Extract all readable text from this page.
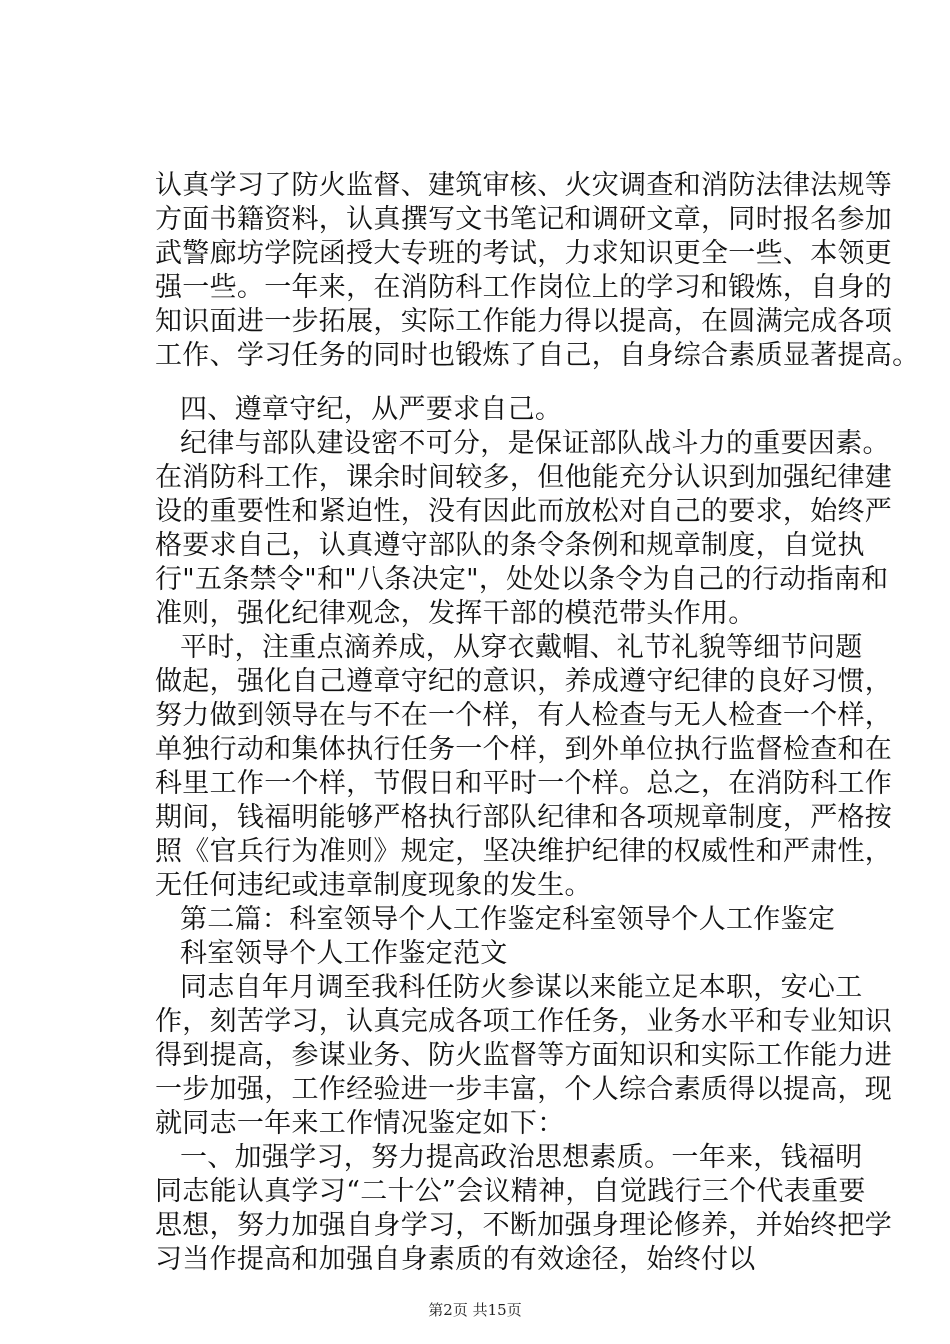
认真学习了防火监督、建筑审核、火灾调查和消防法律法规等
方面书籍资料，认真撰写文书笔记和调研文章，同时报名参加
武警廊坊学院函授大专班的考试，力求知识更全一些、本领更
强一些。一年来，在消防科工作岗位上的学习和锻炼，自身的
知识面进一步拓展，实际工作能力得以提高，在圆满完成各项
工作、学习任务的同时也锻炼了自己，自身综合素质显著提高。
四、遵章守纪，从严要求自己。
纪律与部队建设密不可分，是保证部队战斗力的重要因素。
在消防科工作，课余时间较多，但他能充分认识到加强纪律建
设的重要性和紧迫性，没有因此而放松对自己的要求，始终严
格要求自己，认真遵守部队的条令条例和规章制度，自觉执
行"五条禁令"和"八条决定"，处处以条令为自己的行动指南和
准则，强化纪律观念，发挥干部的模范带头作用。
平时，注重点滴养成，从穿衣戴帽、礼节礼貌等细节问题
做起，强化自己遵章守纪的意识，养成遵守纪律的良好习惯，
努力做到领导在与不在一个样，有人检查与无人检查一个样，
单独行动和集体执行任务一个样，到外单位执行监督检查和在
科里工作一个样，节假日和平时一个样。总之，在消防科工作
期间，钱福明能够严格执行部队纪律和各项规章制度，严格按
照《官兵行为准则》规定，坚决维护纪律的权威性和严肃性，
无任何违纪或违章制度现象的发生。
第二篇：科室领导个人工作鉴定科室领导个人工作鉴定
科室领导个人工作鉴定范文
同志自年月调至我科任防火参谋以来能立足本职，安心工
作，刻苦学习，认真完成各项工作任务，业务水平和专业知识
得到提高，参谋业务、防火监督等方面知识和实际工作能力进
一步加强，工作经验进一步丰富，个人综合素质得以提高，现
就同志一年来工作情况鉴定如下：
一、加强学习，努力提高政治思想素质。一年来，钱福明
同志能认真学习“二十公”会议精神，自觉践行三个代表重要
思想，努力加强自身学习，不断加强身理论修养，并始终把学
习当作提高和加强自身素质的有效途径，始终付以
第2页 共15页
